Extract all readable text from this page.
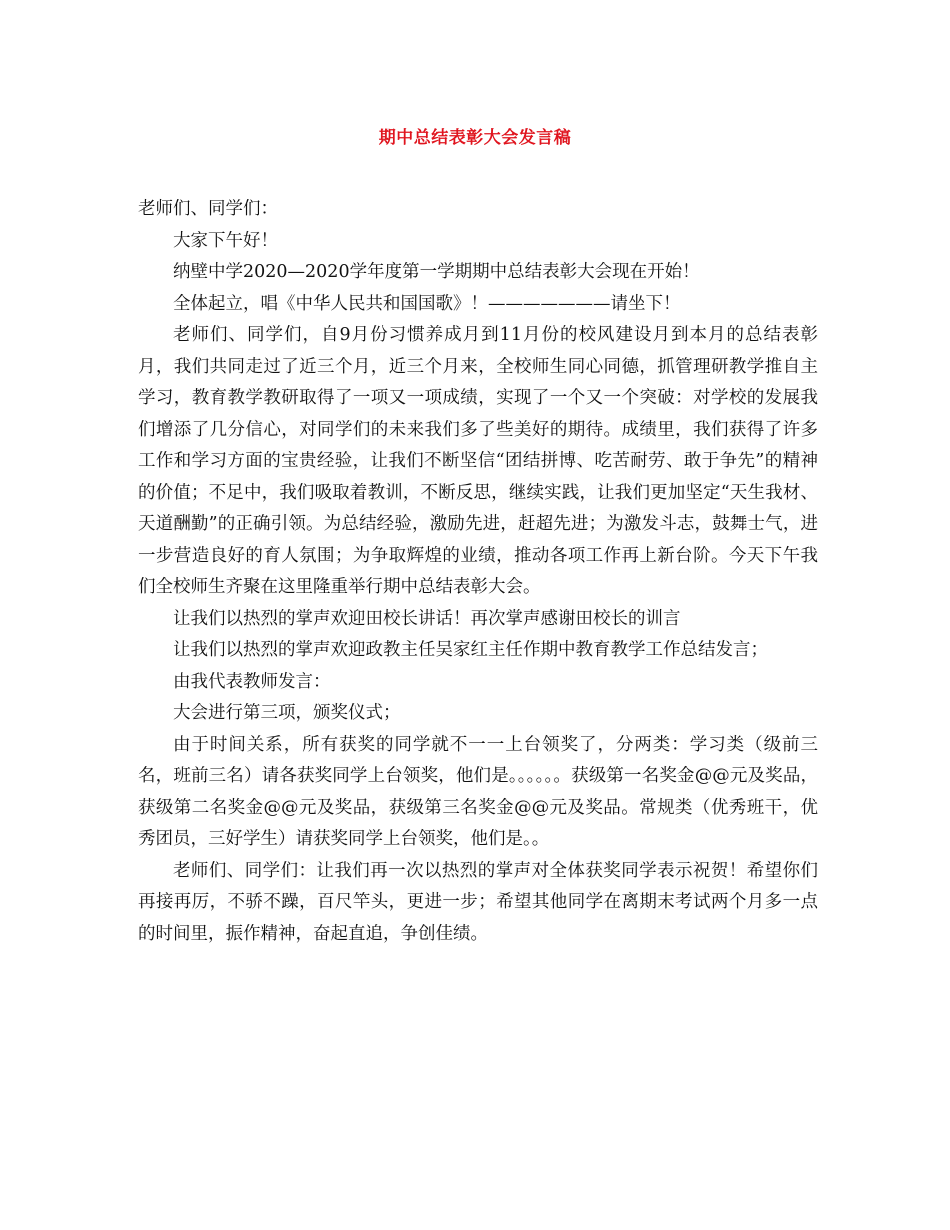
期中总结表彰大会发言稿

老师们、同学们：

大家下午好！

纳壁中学2020—2020学年度第一学期期中总结表彰大会现在开始！

全体起立，唱《中华人民共和国国歌》！———————请坐下！

老师们、同学们，自9月份习惯养成月到11月份的校风建设月到本月的总结表彰月，我们共同走过了近三个月，近三个月来，全校师生同心同德，抓管理研教学推自主学习，教育教学教研取得了一项又一项成绩，实现了一个又一个突破：对学校的发展我们增添了几分信心，对同学们的未来我们多了些美好的期待。成绩里，我们获得了许多工作和学习方面的宝贵经验，让我们不断坚信“团结拼博、吃苦耐劳、敢于争先”的精神的价值；不足中，我们吸取着教训，不断反思，继续实践，让我们更加坚定“天生我材、天道酬勤”的正确引领。为总结经验，激励先进，赶超先进；为激发斗志，鼓舞士气，进一步营造良好的育人氛围；为争取辉煌的业绩，推动各项工作再上新台阶。今天下午我们全校师生齐聚在这里隆重举行期中总结表彰大会。

让我们以热烈的掌声欢迎田校长讲话！再次掌声感谢田校长的训言

让我们以热烈的掌声欢迎政教主任吴家红主任作期中教育教学工作总结发言；

由我代表教师发言：

大会进行第三项，颁奖仪式；

由于时间关系，所有获奖的同学就不一一上台领奖了，分两类：学习类（级前三名，班前三名）请各获奖同学上台领奖，他们是。。。。。。获级第一名奖金@@元及奖品，获级第二名奖金@@元及奖品，获级第三名奖金@@元及奖品。常规类（优秀班干，优秀团员，三好学生）请获奖同学上台领奖，他们是。。

老师们、同学们：让我们再一次以热烈的掌声对全体获奖同学表示祝贺！希望你们再接再厉，不骄不躁，百尺竿头，更进一步；希望其他同学在离期末考试两个月多一点的时间里，振作精神，奋起直追，争创佳绩。
